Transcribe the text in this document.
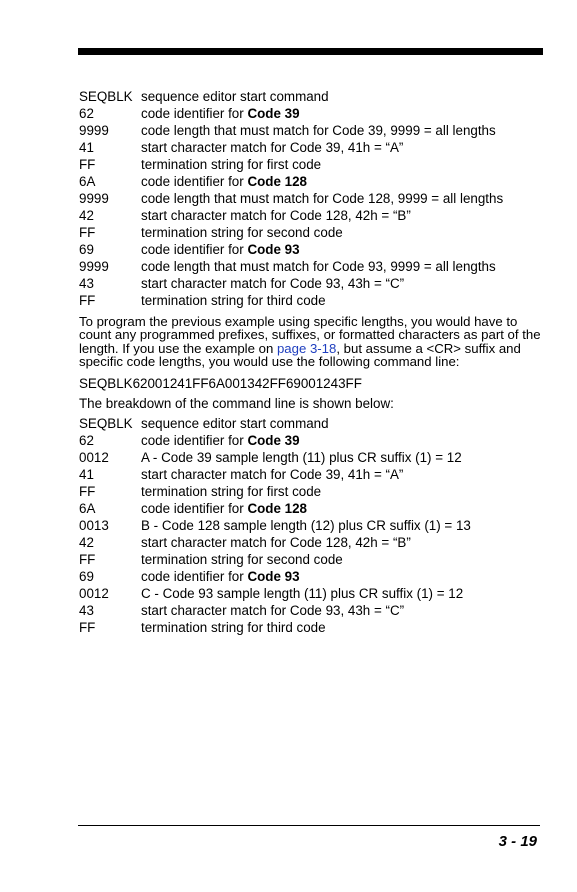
SEQBLK sequence editor start command
62	code identifier for Code 39
9999	code length that must match for Code 39, 9999 = all lengths
41	start character match for Code 39, 41h = “A”
FF	termination string for first code
6A	code identifier for Code 128
9999	code length that must match for Code 128, 9999 = all lengths
42	start character match for Code 128, 42h = “B”
FF	termination string for second code
69	code identifier for Code 93
9999	code length that must match for Code 93, 9999 = all lengths
43	start character match for Code 93, 43h = “C”
FF	termination string for third code
To program the previous example using specific lengths, you would have to count any programmed prefixes, suffixes, or formatted characters as part of the length. If you use the example on page 3-18, but assume a <CR> suffix and specific code lengths, you would use the following command line:
SEQBLK62001241FF6A001342FF69001243FF
The breakdown of the command line is shown below:
SEQBLK sequence editor start command
62	code identifier for Code 39
0012	A - Code 39 sample length (11) plus CR suffix (1) = 12
41	start character match for Code 39, 41h = “A”
FF	termination string for first code
6A	code identifier for Code 128
0013	B - Code 128 sample length (12) plus CR suffix (1) = 13
42	start character match for Code 128, 42h = “B”
FF	termination string for second code
69	code identifier for Code 93
0012	C - Code 93 sample length (11) plus CR suffix (1) = 12
43	start character match for Code 93, 43h = “C”
FF	termination string for third code
3 - 19
